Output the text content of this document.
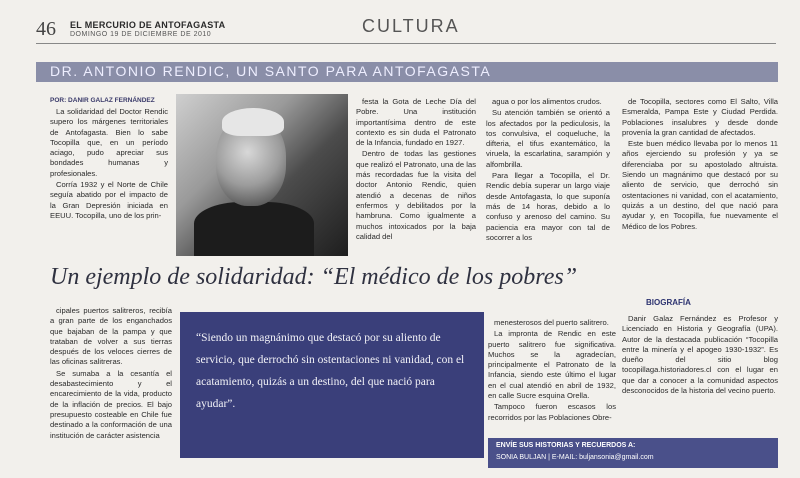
46 EL MERCURIO DE ANTOFAGASTA
DOMINGO 19 DE DICIEMBRE DE 2010	CULTURA
DR. ANTONIO RENDIC, UN SANTO PARA ANTOFAGASTA
POR: DANIR GALAZ FERNÁNDEZ

La solidaridad del Doctor Rendic supero los márgenes territoriales de Antofagasta. Bien lo sabe Tocopilla que, en un período aciago, pudo apreciar sus bondades humanas y profesionales.

Corría 1932 y el Norte de Chile seguía abatido por el impacto de la Gran Depresión iniciada en EEUU. Tocopilla, uno de los prin-

festa la Gota de Leche Día del Pobre. Una institución importantísima dentro de este contexto es sin duda el Patronato de la Infancia, fundado en 1927.

Dentro de todas las gestiones que realizó el Patronato, una de las más recordadas fue la visita del doctor Antonio Rendic, quien atendió a decenas de niños enfermos y debilitados por la hambruna. Como igualmente a muchos intoxicados por la baja calidad del

agua o por los alimentos crudos.

Su atención también se orientó a los afectados por la pediculosis, la tos convulsiva, el coqueluche, la difteria, el tifus exantemático, la viruela, la escarlatina, sarampión y alfombrilla.

Para llegar a Tocopilla, el Dr. Rendic debía superar un largo viaje desde Antofagasta, lo que suponía más de 14 horas, debido a lo confuso y arenoso del camino. Su paciencia era mayor con tal de socorrer a los

de Tocopilla, sectores como El Salto, Villa Esmeralda, Pampa Este y Ciudad Perdida. Poblaciones insalubres y desde donde provenía la gran cantidad de afectados.

Este buen médico llevaba por lo menos 11 años ejerciendo su profesión y ya se diferenciaba por su apostolado altruista. Siendo un magnánimo que destacó por su aliento de servicio, que derrochó sin ostentaciones ni vanidad, con el acatamiento, quizás a un destino, del que nació para ayudar y, en Tocopilla, fue nuevamente el Médico de los Pobres.

Un ejemplo de solidaridad: “El médico de los pobres”

cipales puertos salitreros, recibía a gran parte de los enganchados que bajaban de la pampa y que trataban de volver a sus tierras después de los veloces cierres de las oficinas salitreras.

Se sumaba a la cesantía el desabastecimiento y el encarecimiento de la vida, producto de la inflación de precios. El bajo presupuesto costeable en Chile fue destinado a la conformación de una institución de carácter asistencia

“Siendo un magnánimo que destacó por su aliento de servicio, que derrochó sin ostentaciones ni vanidad, con el acatamiento, quizás a un destino, del que nació para ayudar”.

menesterosos del puerto salitrero.

La impronta de Rendic en este puerto salitrero fue significativa. Muchos se la agradecían, principalmente el Patronato de la Infancia, siendo este último el lugar en el cual atendió en abril de 1932, en calle Sucre esquina Orella.

Tampoco fueron escasos los recorridos por las Poblaciones Obre-

BIOGRAFÍA

Danir Galaz Fernández es Profesor y Licenciado en Historia y Geografía (UPA). Autor de la destacada publicación “Tocopilla entre la minería y el apogeo 1930-1932”. Es dueño del sitio blog tocopillaga.historiadores.cl con el lugar en que dar a conocer a la comunidad aspectos desconocidos de la historia del vecino puerto.

ENVÍE SUS HISTORIAS Y RECUERDOS A:
SONIA BULJAN | E-MAIL: buljansonia@gmail.com
